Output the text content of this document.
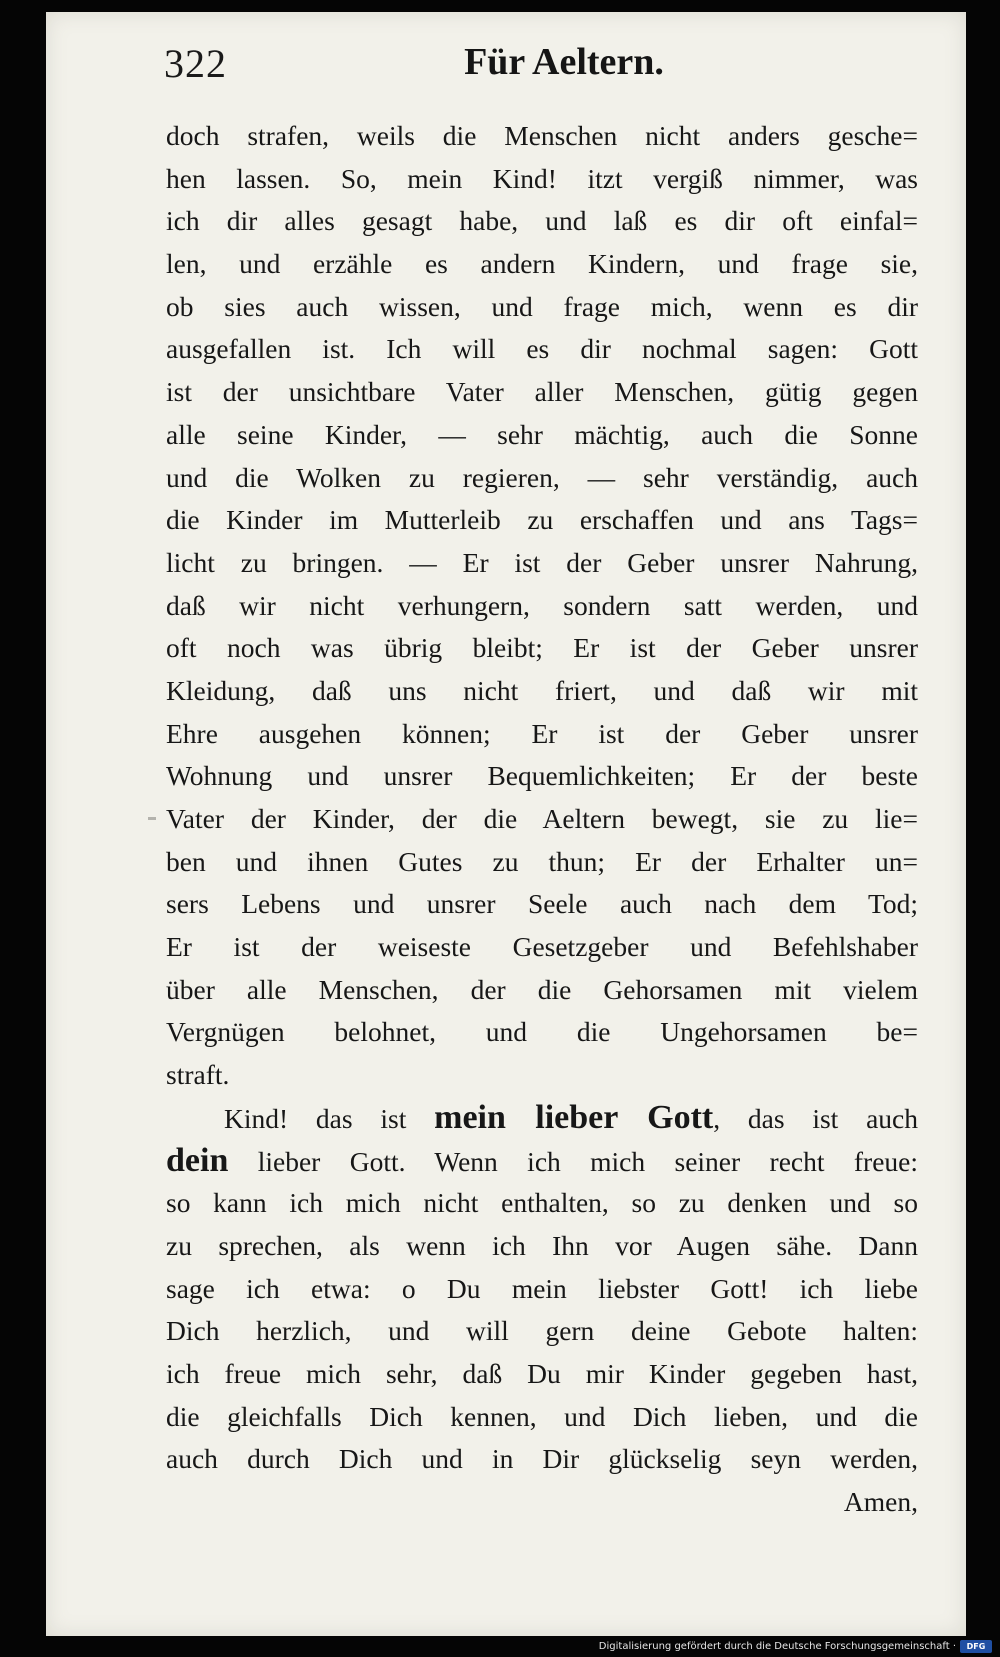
322	Für Aeltern.
doch strafen, weils die Menschen nicht anders gesche=
hen lassen. So, mein Kind! itzt vergiß nimmer, was
ich dir alles gesagt habe, und laß es dir oft einfal=
len, und erzähle es andern Kindern, und frage sie,
ob sies auch wissen, und frage mich, wenn es dir
ausgefallen ist. Ich will es dir nochmal sagen: Gott
ist der unsichtbare Vater aller Menschen, gütig gegen
alle seine Kinder, — sehr mächtig, auch die Sonne
und die Wolken zu regieren, — sehr verständig, auch
die Kinder im Mutterleib zu erschaffen und ans Tags=
licht zu bringen. — Er ist der Geber unsrer Nahrung,
daß wir nicht verhungern, sondern satt werden, und
oft noch was übrig bleibt; Er ist der Geber unsrer
Kleidung, daß uns nicht friert, und daß wir mit
Ehre ausgehen können; Er ist der Geber unsrer
Wohnung und unsrer Bequemlichkeiten; Er der beste
Vater der Kinder, der die Aeltern bewegt, sie zu lie=
ben und ihnen Gutes zu thun; Er der Erhalter un=
sers Lebens und unsrer Seele auch nach dem Tod;
Er ist der weiseste Gesetzgeber und Befehlshaber
über alle Menschen, der die Gehorsamen mit vielem
Vergnügen belohnet, und die Ungehorsamen be=
straft.
Kind! das ist mein lieber Gott, das ist auch
dein lieber Gott. Wenn ich mich seiner recht freue:
so kann ich mich nicht enthalten, so zu denken und so
zu sprechen, als wenn ich Ihn vor Augen sähe. Dann
sage ich etwa: o Du mein liebster Gott! ich liebe
Dich herzlich, und will gern deine Gebote halten:
ich freue mich sehr, daß Du mir Kinder gegeben hast,
die gleichfalls Dich kennen, und Dich lieben, und die
auch durch Dich und in Dir glückselig seyn werden,
Amen,
Digitalisierung gefördert durch die Deutsche Forschungsgemeinschaft ·	DFG
